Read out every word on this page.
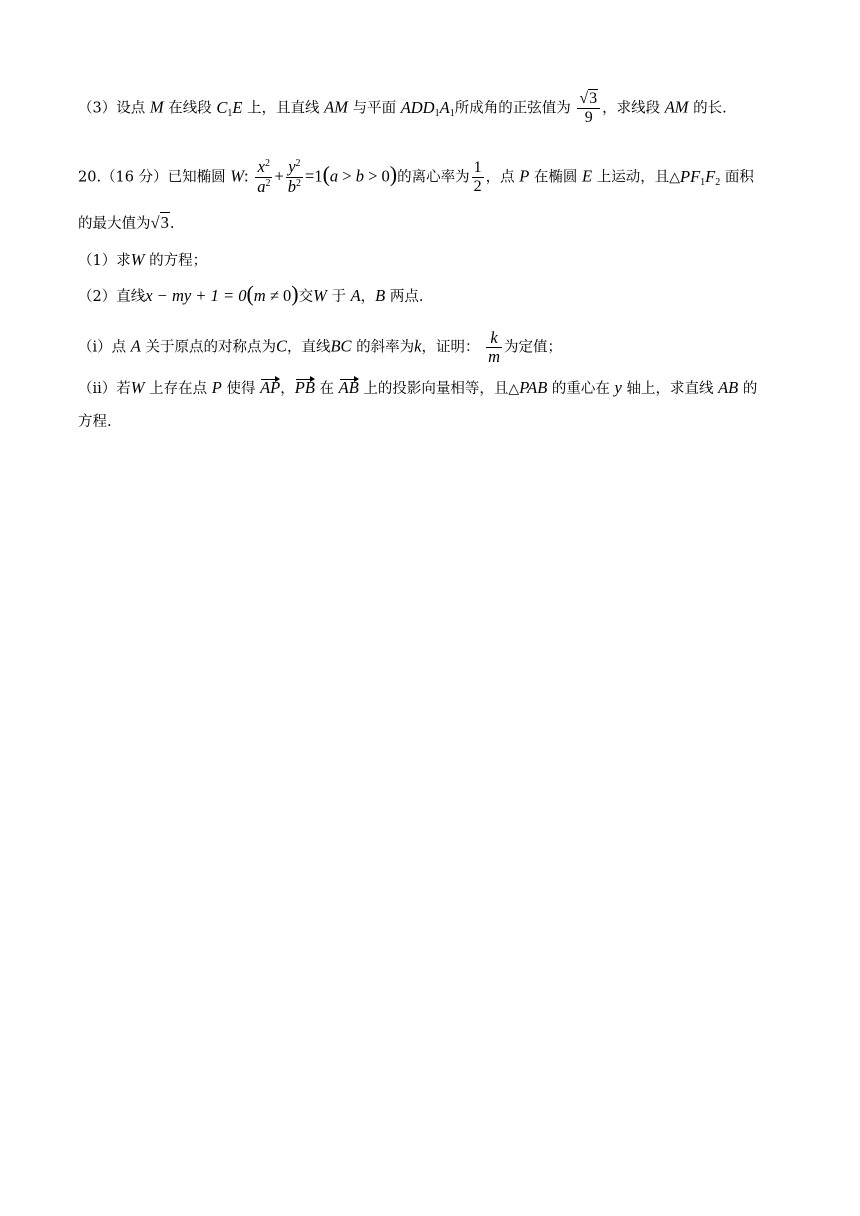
（3）设点 M 在线段 $C_1E$ 上，且直线 AM 与平面 $ADD_1A_1$所成角的正弦值为 $\frac{√3}{9}$ ，求线段 AM 的长.
20.（16 分）已知椭圆 W: $\frac{x^2}{a^2} + \frac{y^2}{b^2} =1(a > b > 0)$的离心率为 $\frac{1}{2}$ ，点 P 在椭圆 E 上运动，且$\triangle PF_1F_2$ 面积
的最大值为√3.
（1）求W 的方程；
（2）直线x − my + 1 = 0(m ≠ 0)交W 于 A，B 两点.
（i）点 A 关于原点的对称点为C，直线BC 的斜率为k，证明： $\frac{k}{m}$ 为定值；
（ii）若W 上存在点 P 使得 AP，PB 在 AB 上的投影向量相等，且△PAB 的重心在 y 轴上，求直线 AB 的
方程.
